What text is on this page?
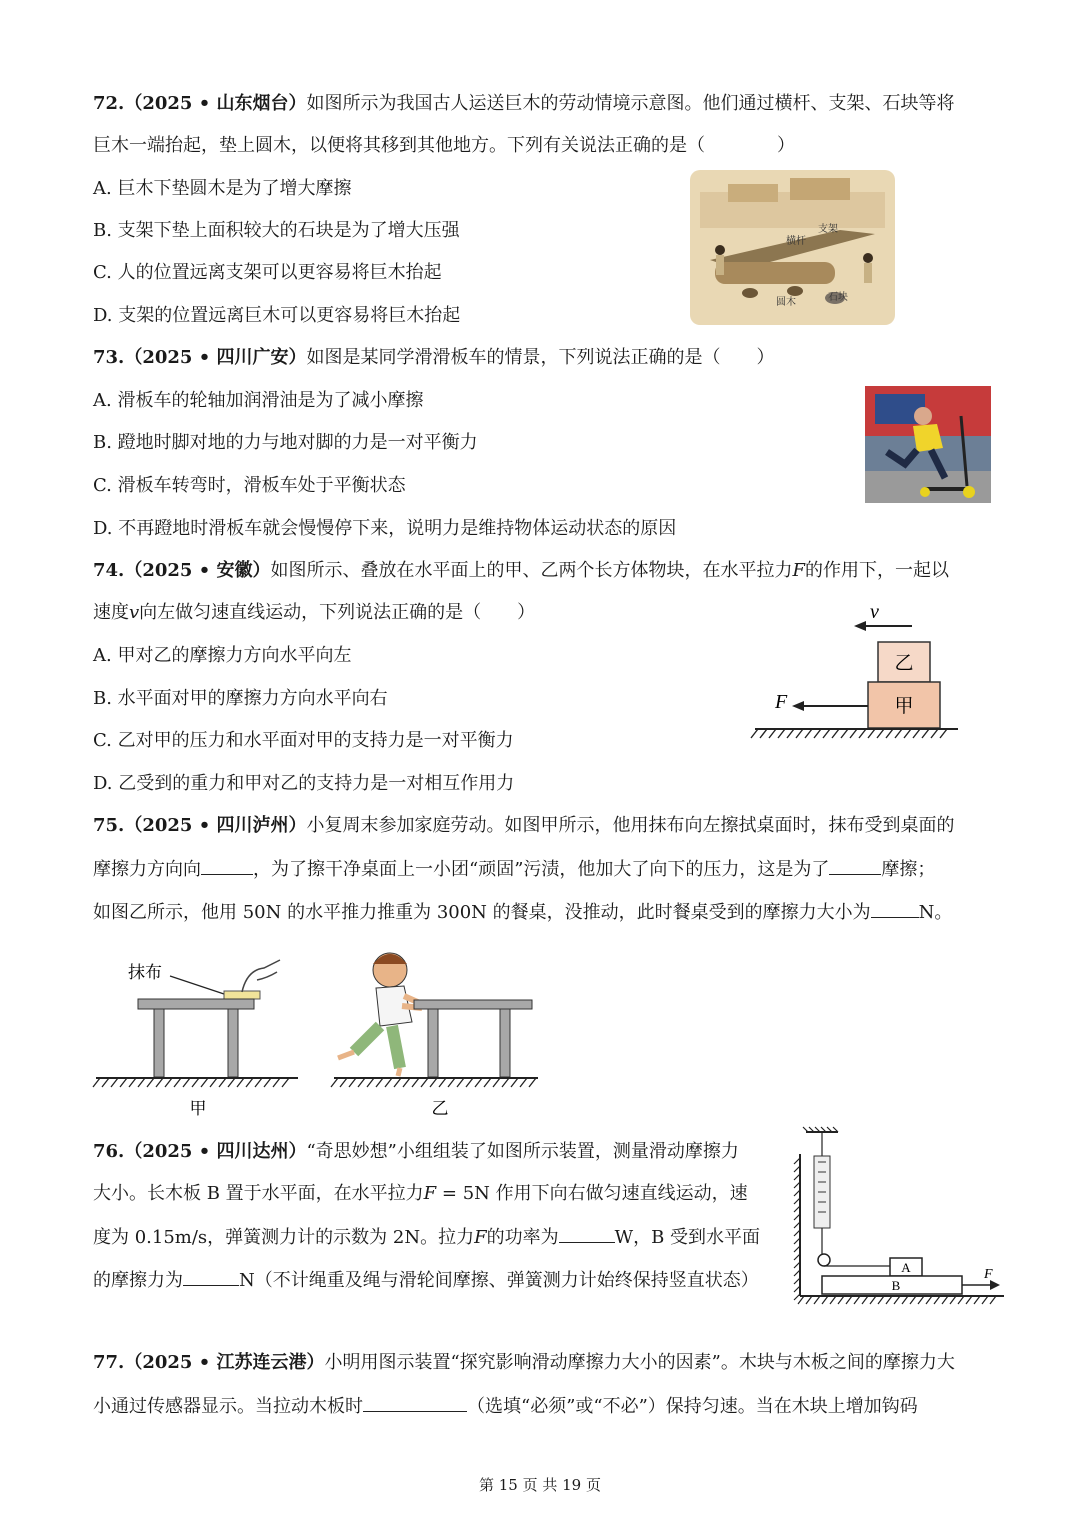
72.（2025 • 山东烟台）如图所示为我国古人运送巨木的劳动情境示意图。他们通过横杆、支架、石块等将
巨木一端抬起，垫上圆木，以便将其移到其他地方。下列有关说法正确的是（　　　　）
A. 巨木下垫圆木是为了增大摩擦
B. 支架下垫上面积较大的石块是为了增大压强
C. 人的位置远离支架可以更容易将巨木抬起
D. 支架的位置远离巨木可以更容易将巨木抬起
横杆
支架
圆木	石块
73.（2025 • 四川广安）如图是某同学滑滑板车的情景，下列说法正确的是（　　）
A. 滑板车的轮轴加润滑油是为了减小摩擦
B. 蹬地时脚对地的力与地对脚的力是一对平衡力
C. 滑板车转弯时，滑板车处于平衡状态
D. 不再蹬地时滑板车就会慢慢停下来，说明力是维持物体运动状态的原因
74.（2025 • 安徽）如图所示、叠放在水平面上的甲、乙两个长方体物块，在水平拉力F的作用下，一起以
速度v向左做匀速直线运动，下列说法正确的是（　　）
A. 甲对乙的摩擦力方向水平向左
B. 水平面对甲的摩擦力方向水平向右
C. 乙对甲的压力和水平面对甲的支持力是一对平衡力
D. 乙受到的重力和甲对乙的支持力是一对相互作用力
v
乙
甲
F
75.（2025 • 四川泸州）小复周末参加家庭劳动。如图甲所示，他用抹布向左擦拭桌面时，抹布受到桌面的
摩擦力方向向	，为了擦干净桌面上一小团“顽固”污渍，他加大了向下的压力，这是为了	摩擦；
如图乙所示，他用 50N 的水平推力推重为 300N 的餐桌，没推动，此时餐桌受到的摩擦力大小为	N。
抹布
甲	乙
76.（2025 • 四川达州）“奇思妙想”小组组装了如图所示装置，测量滑动摩擦力
大小。长木板 B 置于水平面，在水平拉力F = 5N 作用下向右做匀速直线运动，速
度为 0.15m/s，弹簧测力计的示数为 2N。拉力F的功率为	W，B 受到水平面
的摩擦力为	N（不计绳重及绳与滑轮间摩擦、弹簧测力计始终保持竖直状态）
A
B
F
77.（2025 • 江苏连云港）小明用图示装置“探究影响滑动摩擦力大小的因素”。木块与木板之间的摩擦力大
小通过传感器显示。当拉动木板时	（选填“必须”或“不必”）保持匀速。当在木块上增加钩码
第 15 页 共 19 页
